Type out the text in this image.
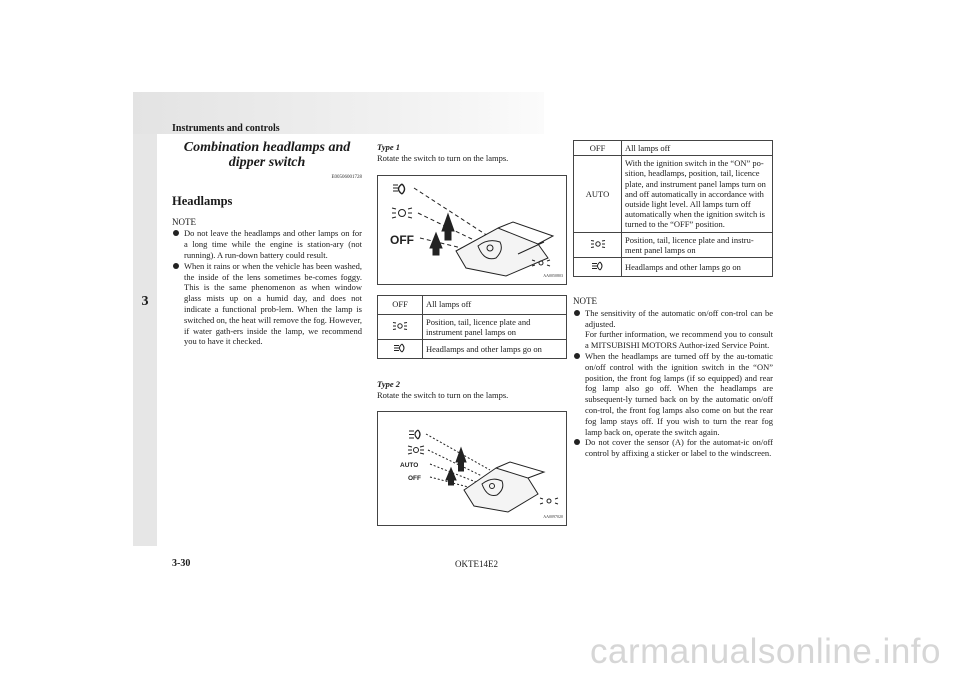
Instruments and controls
3
Combination headlamps and dipper switch
E00506001728
Headlamps
NOTE
Do not leave the headlamps and other lamps on for a long time while the engine is station-ary (not running). A run-down battery could result.
When it rains or when the vehicle has been washed, the inside of the lens sometimes be-comes foggy. This is the same phenomenon as when window glass mists up on a humid day, and does not indicate a functional prob-lem. When the lamp is switched on, the heat will remove the fog. However, if water gath-ers inside the lamp, we recommend you to have it checked.
Type 1
Rotate the switch to turn on the lamps.
OFF
AA0050803
OFF	All lamps off
	Position, tail, licence plate and instrument panel lamps on
	Headlamps and other lamps go on
Type 2
Rotate the switch to turn on the lamps.
AUTO
OFF
AA0097020
OFF	All lamps off
AUTO	With the ignition switch in the “ON” po-sition, headlamps, position, tail, licence plate, and instrument panel lamps turn on and off automatically in accordance with outside light level. All lamps turn off automatically when the ignition switch is turned to the “OFF” position.
	Position, tail, licence plate and instru-ment panel lamps on
	Headlamps and other lamps go on
NOTE
The sensitivity of the automatic on/off con-trol can be adjusted.
For further information, we recommend you to consult a MITSUBISHI MOTORS Author-ized Service Point.
When the headlamps are turned off by the au-tomatic on/off control with the ignition switch in the “ON” position, the front fog lamps (if so equipped) and rear fog lamp also go off. When the headlamps are subsequent-ly turned back on by the automatic on/off con-trol, the front fog lamps also come on but the rear fog lamp stays off. If you wish to turn the rear fog lamp back on, operate the switch again.
Do not cover the sensor (A) for the automat-ic on/off control by affixing a sticker or label to the windscreen.
3-30	OKTE14E2
carmanualsonline.info
